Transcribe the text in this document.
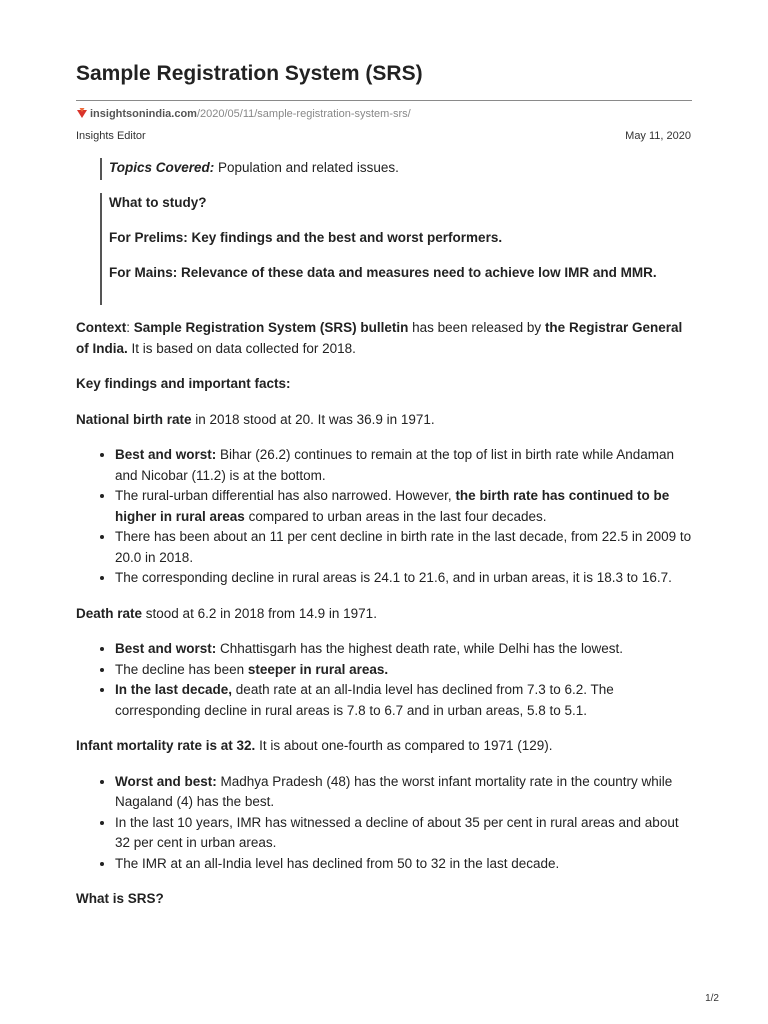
Sample Registration System (SRS)
insightsonindia.com/2020/05/11/sample-registration-system-srs/
Insights Editor	May 11, 2020
Topics Covered: Population and related issues.

What to study?

For Prelims: Key findings and the best and worst performers.

For Mains: Relevance of these data and measures need to achieve low IMR and MMR.

Context: Sample Registration System (SRS) bulletin has been released by the Registrar General of India. It is based on data collected for 2018.

Key findings and important facts:

National birth rate in 2018 stood at 20. It was 36.9 in 1971.

• Best and worst: Bihar (26.2) continues to remain at the top of list in birth rate while Andaman and Nicobar (11.2) is at the bottom.
• The rural-urban differential has also narrowed. However, the birth rate has continued to be higher in rural areas compared to urban areas in the last four decades.
• There has been about an 11 per cent decline in birth rate in the last decade, from 22.5 in 2009 to 20.0 in 2018.
• The corresponding decline in rural areas is 24.1 to 21.6, and in urban areas, it is 18.3 to 16.7.

Death rate stood at 6.2 in 2018 from 14.9 in 1971.

• Best and worst: Chhattisgarh has the highest death rate, while Delhi has the lowest.
• The decline has been steeper in rural areas.
• In the last decade, death rate at an all-India level has declined from 7.3 to 6.2. The corresponding decline in rural areas is 7.8 to 6.7 and in urban areas, 5.8 to 5.1.

Infant mortality rate is at 32. It is about one-fourth as compared to 1971 (129).

• Worst and best: Madhya Pradesh (48) has the worst infant mortality rate in the country while Nagaland (4) has the best.
• In the last 10 years, IMR has witnessed a decline of about 35 per cent in rural areas and about 32 per cent in urban areas.
• The IMR at an all-India level has declined from 50 to 32 in the last decade.

What is SRS?

1/2
